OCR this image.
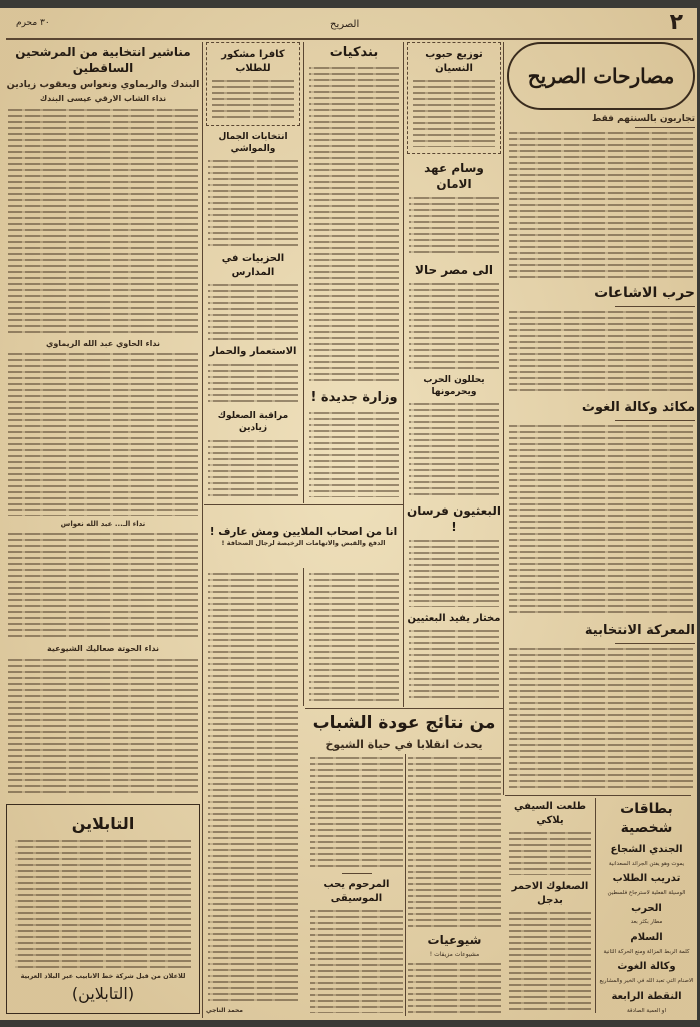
٢
الصريح
٣٠ محرم
مصارحات الصريح
تجاربون بالسنتهم فقط
حرب الاشاعات
مكائد وكالة الغوث
المعركة الانتخابية
بطاقات شخصية
الجندي الشجاع
يموت وهو يفتن الجرائد السعدانية
تدريب الطلاب
الوسيلة الفعلية لاسترجاع فلسطين
الحرب
مطار بكثر بعد
السلام
كلمة الربط المزالة ومنع الحركة الثانية
وكالة الغوث
الاصنام التي تعبد الله في الخير والمشاريع
النقطة الرابعة
او العمية الصادقة
طلعت السيفي يلاكي
الصعلوك الاحمر بدجل
توزيع حبوب النسيان
وسام عهد الامان
الى مصر حالا
يحللون الحرب ويحرمونها
البعثيون فرسان !
مختار يفيد البعثيين
من نتائج عودة الشباب
يحدث انقلابا في حياة الشيوخ
شيوعيات
مشيوعات مزيفات !
المرحوم يحب الموسيقى
بندكيات
وزارة جديدة !
كافرا مشكور للطلاب
انتخابات الجمال والمواشي
الحزبيات في المدارس
الاستعمار والحمار
مراقبة الصعلوك زيادين
انا من اصحاب الملايين ومش عارف !
الدفع والقبض والاتهامات الرخيصة لرجال الصحافة !
محمد الناجي
مناشير انتخابية من المرشحين الساقطين
البندك والريماوي ونعواس ويعقوب زيادين
نداء الشاب الارقي عيسى البندك
نداء الحاوي عبد الله الريماوي
نداء الـ... عبد الله نعواس
نداء الحوتة صعاليك الشيوعية
التابلاين
للاعلان من قبل شركة خط الانابيب عبر البلاد العربية
(التابلاين)
